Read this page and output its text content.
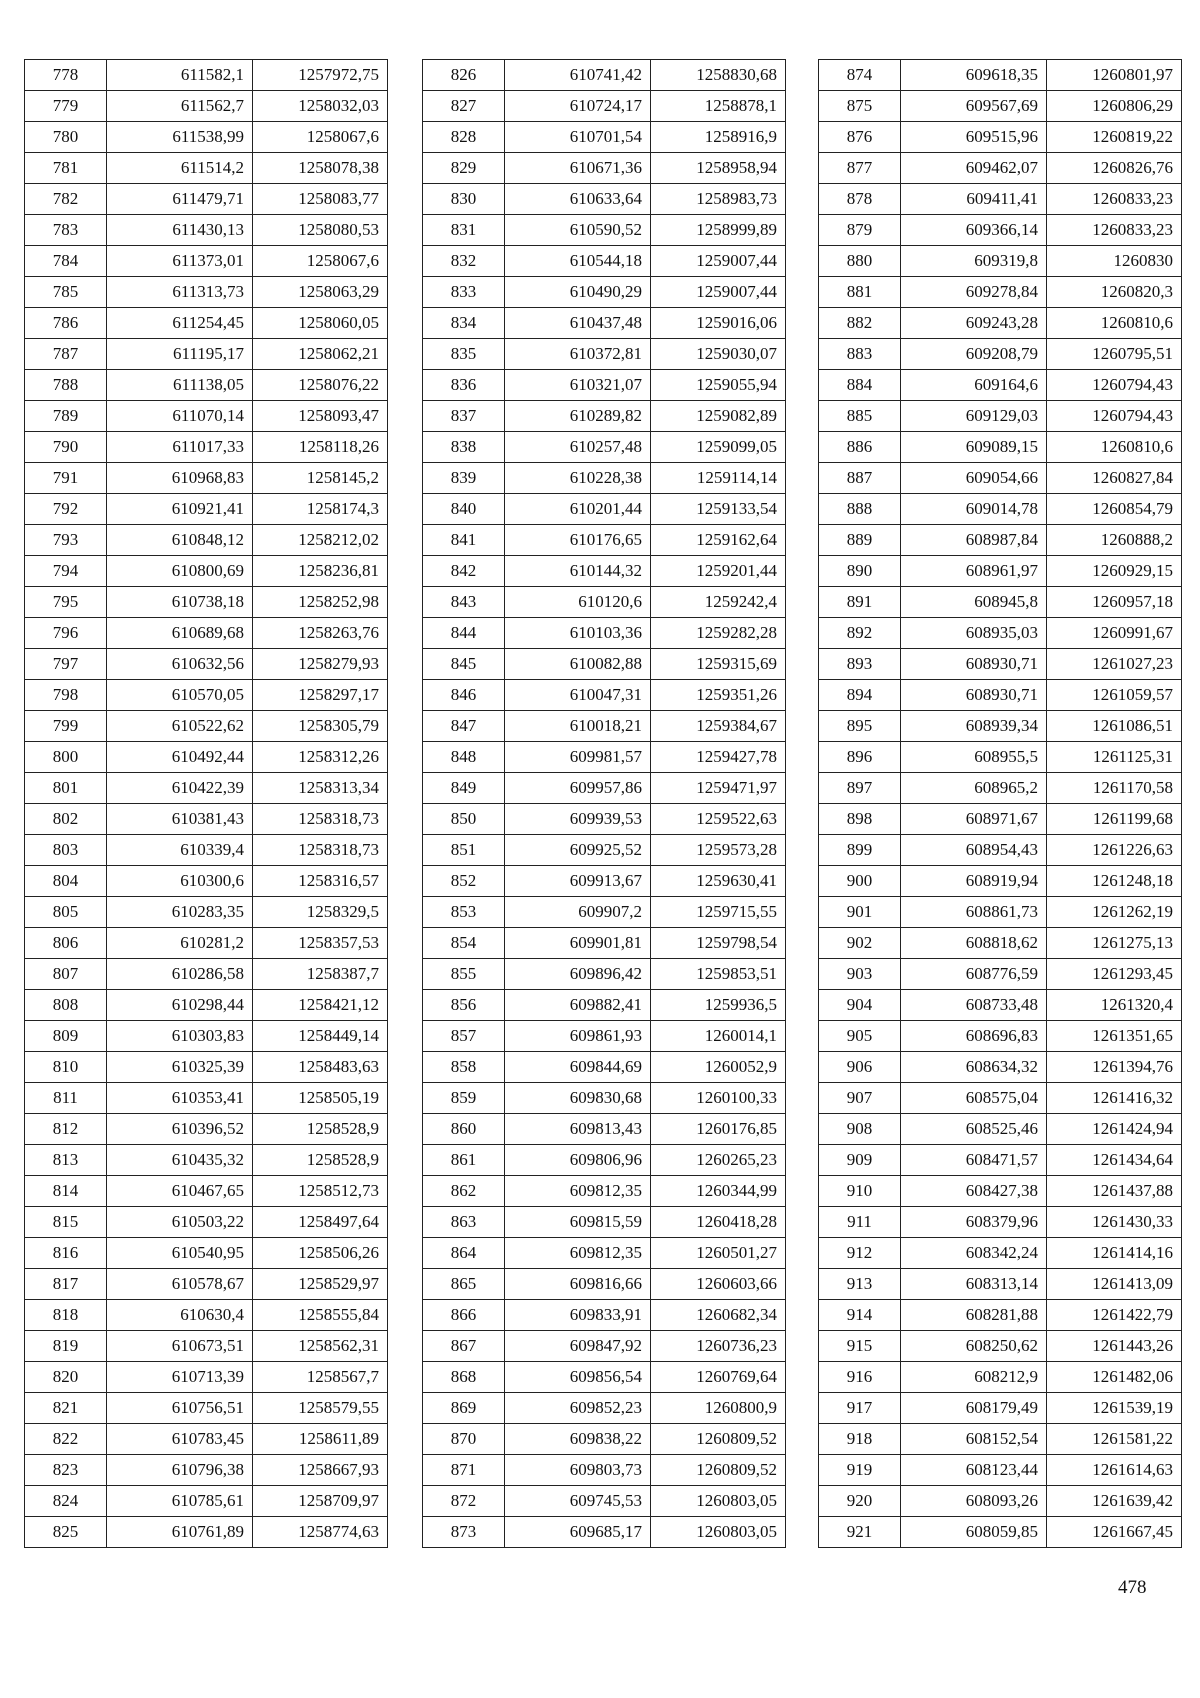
778	611582,1	1257972,75
779	611562,7	1258032,03
780	611538,99	1258067,6
781	611514,2	1258078,38
782	611479,71	1258083,77
783	611430,13	1258080,53
784	611373,01	1258067,6
785	611313,73	1258063,29
786	611254,45	1258060,05
787	611195,17	1258062,21
788	611138,05	1258076,22
789	611070,14	1258093,47
790	611017,33	1258118,26
791	610968,83	1258145,2
792	610921,41	1258174,3
793	610848,12	1258212,02
794	610800,69	1258236,81
795	610738,18	1258252,98
796	610689,68	1258263,76
797	610632,56	1258279,93
798	610570,05	1258297,17
799	610522,62	1258305,79
800	610492,44	1258312,26
801	610422,39	1258313,34
802	610381,43	1258318,73
803	610339,4	1258318,73
804	610300,6	1258316,57
805	610283,35	1258329,5
806	610281,2	1258357,53
807	610286,58	1258387,7
808	610298,44	1258421,12
809	610303,83	1258449,14
810	610325,39	1258483,63
811	610353,41	1258505,19
812	610396,52	1258528,9
813	610435,32	1258528,9
814	610467,65	1258512,73
815	610503,22	1258497,64
816	610540,95	1258506,26
817	610578,67	1258529,97
818	610630,4	1258555,84
819	610673,51	1258562,31
820	610713,39	1258567,7
821	610756,51	1258579,55
822	610783,45	1258611,89
823	610796,38	1258667,93
824	610785,61	1258709,97
825	610761,89	1258774,63
826	610741,42	1258830,68
827	610724,17	1258878,1
828	610701,54	1258916,9
829	610671,36	1258958,94
830	610633,64	1258983,73
831	610590,52	1258999,89
832	610544,18	1259007,44
833	610490,29	1259007,44
834	610437,48	1259016,06
835	610372,81	1259030,07
836	610321,07	1259055,94
837	610289,82	1259082,89
838	610257,48	1259099,05
839	610228,38	1259114,14
840	610201,44	1259133,54
841	610176,65	1259162,64
842	610144,32	1259201,44
843	610120,6	1259242,4
844	610103,36	1259282,28
845	610082,88	1259315,69
846	610047,31	1259351,26
847	610018,21	1259384,67
848	609981,57	1259427,78
849	609957,86	1259471,97
850	609939,53	1259522,63
851	609925,52	1259573,28
852	609913,67	1259630,41
853	609907,2	1259715,55
854	609901,81	1259798,54
855	609896,42	1259853,51
856	609882,41	1259936,5
857	609861,93	1260014,1
858	609844,69	1260052,9
859	609830,68	1260100,33
860	609813,43	1260176,85
861	609806,96	1260265,23
862	609812,35	1260344,99
863	609815,59	1260418,28
864	609812,35	1260501,27
865	609816,66	1260603,66
866	609833,91	1260682,34
867	609847,92	1260736,23
868	609856,54	1260769,64
869	609852,23	1260800,9
870	609838,22	1260809,52
871	609803,73	1260809,52
872	609745,53	1260803,05
873	609685,17	1260803,05
874	609618,35	1260801,97
875	609567,69	1260806,29
876	609515,96	1260819,22
877	609462,07	1260826,76
878	609411,41	1260833,23
879	609366,14	1260833,23
880	609319,8	1260830
881	609278,84	1260820,3
882	609243,28	1260810,6
883	609208,79	1260795,51
884	609164,6	1260794,43
885	609129,03	1260794,43
886	609089,15	1260810,6
887	609054,66	1260827,84
888	609014,78	1260854,79
889	608987,84	1260888,2
890	608961,97	1260929,15
891	608945,8	1260957,18
892	608935,03	1260991,67
893	608930,71	1261027,23
894	608930,71	1261059,57
895	608939,34	1261086,51
896	608955,5	1261125,31
897	608965,2	1261170,58
898	608971,67	1261199,68
899	608954,43	1261226,63
900	608919,94	1261248,18
901	608861,73	1261262,19
902	608818,62	1261275,13
903	608776,59	1261293,45
904	608733,48	1261320,4
905	608696,83	1261351,65
906	608634,32	1261394,76
907	608575,04	1261416,32
908	608525,46	1261424,94
909	608471,57	1261434,64
910	608427,38	1261437,88
911	608379,96	1261430,33
912	608342,24	1261414,16
913	608313,14	1261413,09
914	608281,88	1261422,79
915	608250,62	1261443,26
916	608212,9	1261482,06
917	608179,49	1261539,19
918	608152,54	1261581,22
919	608123,44	1261614,63
920	608093,26	1261639,42
921	608059,85	1261667,45
478
